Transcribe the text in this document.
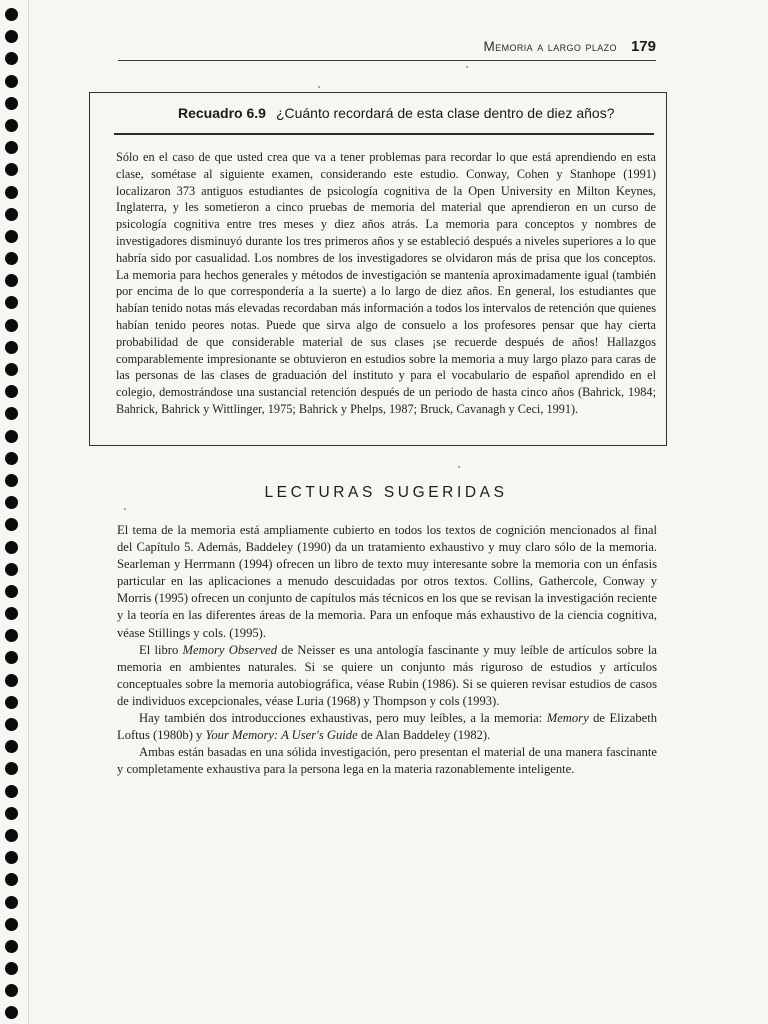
Memoria a largo plazo 179
Recuadro 6.9 ¿Cuánto recordará de esta clase dentro de diez años?
Sólo en el caso de que usted crea que va a tener problemas para recordar lo que está aprendiendo en esta clase, sométase al siguiente examen, considerando este estudio. Conway, Cohen y Stanhope (1991) localizaron 373 antiguos estudiantes de psicología cognitiva de la Open University en Milton Keynes, Inglaterra, y les sometieron a cinco pruebas de memoria del material que aprendieron en un curso de psicología cognitiva entre tres meses y diez años atrás. La memoria para conceptos y nombres de investigadores disminuyó durante los tres primeros años y se estableció después a niveles superiores a lo que habría sido por casualidad. Los nombres de los investigadores se olvidaron más de prisa que los conceptos. La memoria para hechos generales y métodos de investigación se mantenía aproximadamente igual (también por encima de lo que correspondería a la suerte) a lo largo de diez años. En general, los estudiantes que habían tenido notas más elevadas recordaban más información a todos los intervalos de retención que quienes habían tenido peores notas. Puede que sirva algo de consuelo a los profesores pensar que hay cierta probabilidad de que considerable material de sus clases ¡se recuerde después de años! Hallazgos comparablemente impresionante se obtuvieron en estudios sobre la memoria a muy largo plazo para caras de las personas de las clases de graduación del instituto y para el vocabulario de español aprendido en el colegio, demostrándose una sustancial retención después de un periodo de hasta cinco años (Bahrick, 1984; Bahrick, Bahrick y Wittlinger, 1975; Bahrick y Phelps, 1987; Bruck, Cavanagh y Ceci, 1991).
LECTURAS SUGERIDAS

El tema de la memoria está ampliamente cubierto en todos los textos de cognición mencionados al final del Capítulo 5. Además, Baddeley (1990) da un tratamiento exhaustivo y muy claro sólo de la memoria. Searleman y Herrmann (1994) ofrecen un libro de texto muy interesante sobre la memoria con un énfasis particular en las aplicaciones a menudo descuidadas por otros textos. Collins, Gathercole, Conway y Morris (1995) ofrecen un conjunto de capítulos más técnicos en los que se revisan la investigación reciente y la teoría en las diferentes áreas de la memoria. Para un enfoque más exhaustivo de la ciencia cognitiva, véase Stillings y cols. (1995).

El libro Memory Observed de Neisser es una antología fascinante y muy leíble de artículos sobre la memoria en ambientes naturales. Si se quiere un conjunto más riguroso de estudios y artículos conceptuales sobre la memoria autobiográfica, véase Rubin (1986). Si se quieren revisar estudios de casos de individuos excepcionales, véase Luria (1968) y Thompson y cols (1993).

Hay también dos introducciones exhaustivas, pero muy leíbles, a la memoria: Memory de Elizabeth Loftus (1980b) y Your Memory: A User's Guide de Alan Baddeley (1982).

Ambas están basadas en una sólida investigación, pero presentan el material de una manera fascinante y completamente exhaustiva para la persona lega en la materia razonablemente inteligente.
